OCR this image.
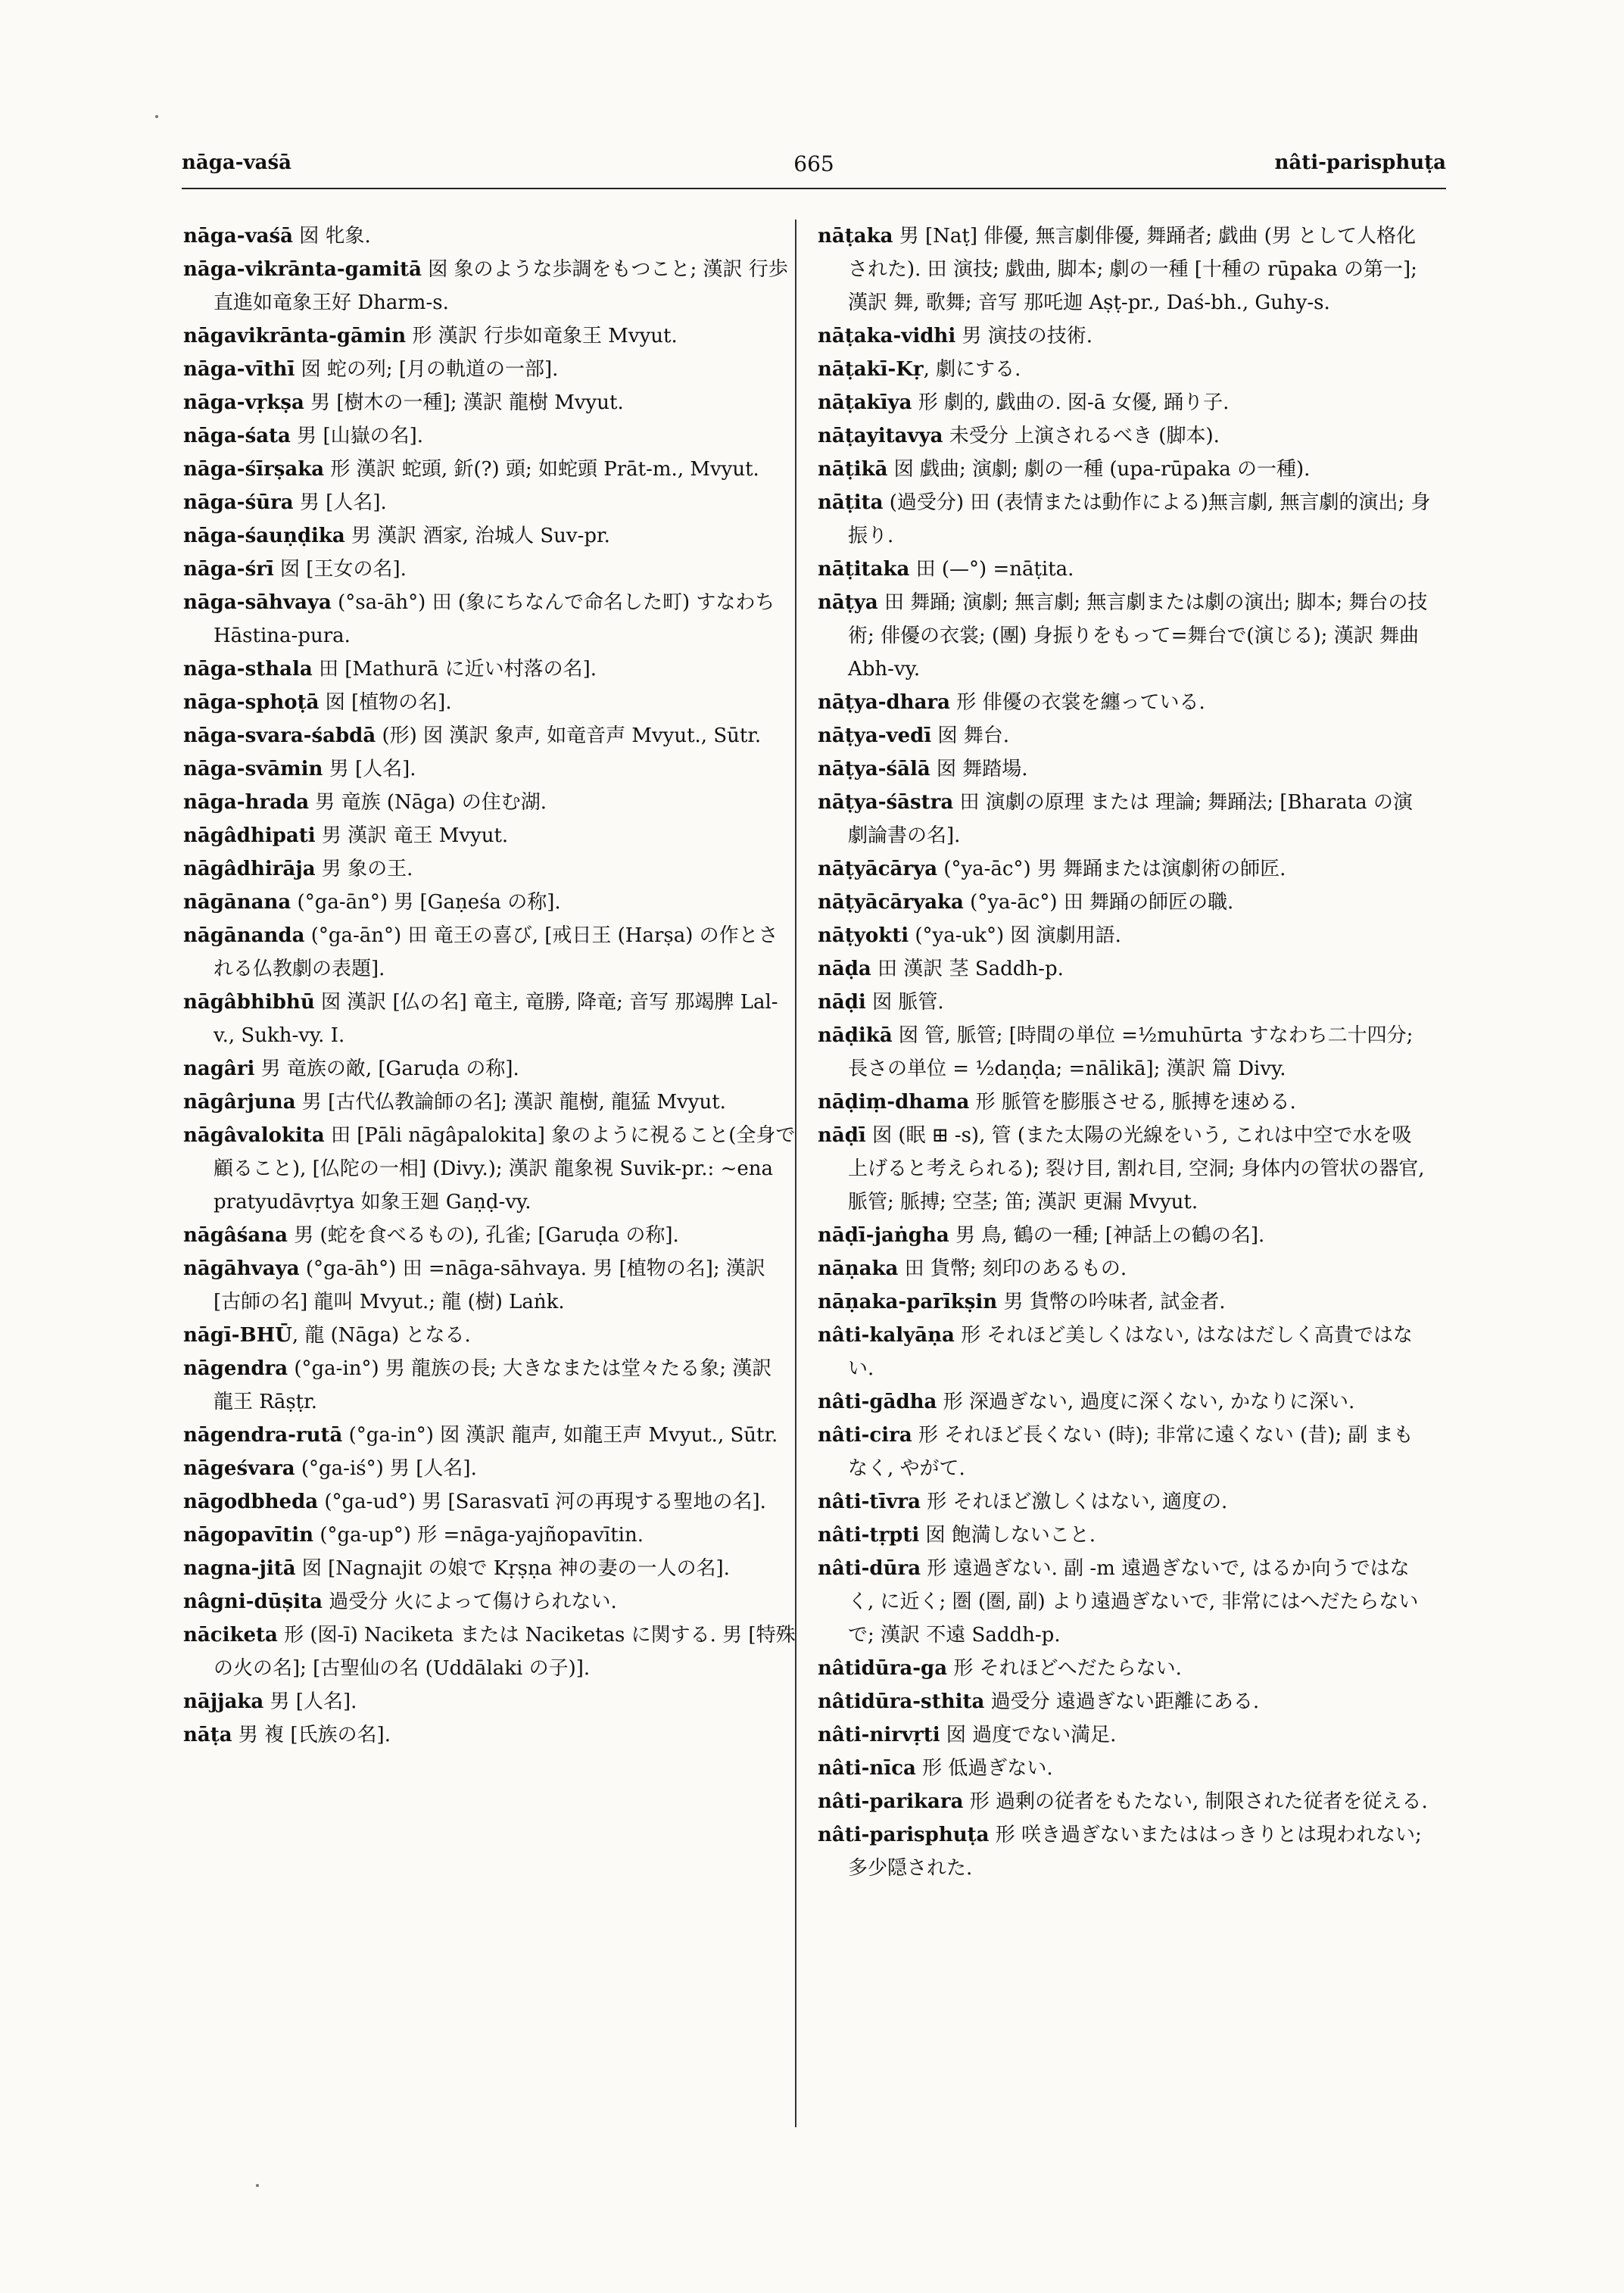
nāga-vaśā	665	nâti-parisphuṭa

nāga-vaśā 囡 牝象.

nāga-vikrānta-gamitā 囡 象のような歩調をもつこと; 漢訳 行歩直進如竜象王好 Dharm-s.

nāgavikrānta-gāmin 形 漢訳 行歩如竜象王 Mvyut.

nāga-vīthī 囡 蛇の列; [月の軌道の一部].

nāga-vṛkṣa 男 [樹木の一種]; 漢訳 龍樹 Mvyut.

nāga-śata 男 [山嶽の名].

nāga-śīrṣaka 形 漢訳 蛇頭, 釿(?) 頭; 如蛇頭 Prāt-m., Mvyut.

nāga-śūra 男 [人名].

nāga-śauṇḍika 男 漢訳 酒家, 治城人 Suv-pr.

nāga-śrī 囡 [王女の名].

nāga-sāhvaya (°sa-āh°) 田 (象にちなんで命名した町) すなわち Hāstina-pura.

nāga-sthala 田 [Mathurā に近い村落の名].

nāga-sphoṭā 囡 [植物の名].

nāga-svara-śabdā (形) 囡 漢訳 象声, 如竜音声 Mvyut., Sūtr.

nāga-svāmin 男 [人名].

nāga-hrada 男 竜族 (Nāga) の住む湖.

nāgâdhipati 男 漢訳 竜王 Mvyut.

nāgâdhirāja 男 象の王.

nāgānana (°ga-ān°) 男 [Gaṇeśa の称].

nāgānanda (°ga-ān°) 田 竜王の喜び, [戒日王 (Harṣa) の作とされる仏教劇の表題].

nāgâbhibhū 囡 漢訳 [仏の名] 竜主, 竜勝, 降竜; 音写 那竭脾 Lal-v., Sukh-vy. I.

nagâri 男 竜族の敵, [Garuḍa の称].

nāgârjuna 男 [古代仏教論師の名]; 漢訳 龍樹, 龍猛 Mvyut.

nāgâvalokita 田 [Pāli nāgâpalokita] 象のように視ること(全身で顧ること), [仏陀の一相] (Divy.); 漢訳 龍象視 Suvik-pr.: ~ena pratyudāvṛtya 如象王廻 Gaṇḍ-vy.

nāgâśana 男 (蛇を食べるもの), 孔雀; [Garuḍa の称].

nāgāhvaya (°ga-āh°) 田 =nāga-sāhvaya. 男 [植物の名]; 漢訳 [古師の名] 龍叫 Mvyut.; 龍 (樹) Laṅk.

nāgī-BHŪ, 龍 (Nāga) となる.

nāgendra (°ga-in°) 男 龍族の長; 大きなまたは堂々たる象; 漢訳 龍王 Rāṣṭr.

nāgendra-rutā (°ga-in°) 囡 漢訳 龍声, 如龍王声 Mvyut., Sūtr.

nāgeśvara (°ga-iś°) 男 [人名].

nāgodbheda (°ga-ud°) 男 [Sarasvatī 河の再現する聖地の名].

nāgopavītin (°ga-up°) 形 =nāga-yajñopavītin.

nagna-jitā 囡 [Nagnajit の娘で Kṛṣṇa 神の妻の一人の名].

nâgni-dūṣita 過受分 火によって傷けられない.

nāciketa 形 (囡-ī) Naciketa または Naciketas に関する. 男 [特殊の火の名]; [古聖仙の名 (Uddālaki の子)].

nājjaka 男 [人名].

nāṭa 男 複 [氏族の名].

nāṭaka 男 [Naṭ] 俳優, 無言劇俳優, 舞踊者; 戯曲 (男 として人格化された). 田 演技; 戯曲, 脚本; 劇の一種 [十種の rūpaka の第一]; 漢訳 舞, 歌舞; 音写 那吒迦 Aṣṭ-pr., Daś-bh., Guhy-s.

nāṭaka-vidhi 男 演技の技術.

nāṭakī-Kṛ, 劇にする.

nāṭakīya 形 劇的, 戯曲の. 囡-ā 女優, 踊り子.

nāṭayitavya 未受分 上演されるべき (脚本).

nāṭikā 囡 戯曲; 演劇; 劇の一種 (upa-rūpaka の一種).

nāṭita (過受分) 田 (表情または動作による)無言劇, 無言劇的演出; 身振り.

nāṭitaka 田 (—°) =nāṭita.

nāṭya 田 舞踊; 演劇; 無言劇; 無言劇または劇の演出; 脚本; 舞台の技術; 俳優の衣裳; (團) 身振りをもって=舞台で(演じる); 漢訳 舞曲 Abh-vy.

nāṭya-dhara 形 俳優の衣裳を纏っている.

nāṭya-vedī 囡 舞台.

nāṭya-śālā 囡 舞踏場.

nāṭya-śāstra 田 演劇の原理 または 理論; 舞踊法; [Bharata の演劇論書の名].

nāṭyācārya (°ya-āc°) 男 舞踊または演劇術の師匠.

nāṭyācāryaka (°ya-āc°) 田 舞踊の師匠の職.

nāṭyokti (°ya-uk°) 囡 演劇用語.

nāḍa 田 漢訳 茎 Saddh-p.

nāḍi 囡 脈管.

nāḍikā 囡 管, 脈管; [時間の単位 =½muhūrta すなわち二十四分; 長さの単位 = ½daṇḍa; =nālikā]; 漢訳 篇 Divy.

nāḍiṃ-dhama 形 脈管を膨脹させる, 脈搏を速める.

nāḍī 囡 (眠 ⊞ -s), 管 (また太陽の光線をいう, これは中空で水を吸上げると考えられる); 裂け目, 割れ目, 空洞; 身体内の管状の器官, 脈管; 脈搏; 空茎; 笛; 漢訳 更漏 Mvyut.

nāḍī-jaṅgha 男 鳥, 鶴の一種; [神話上の鶴の名].

nāṇaka 田 貨幣; 刻印のあるもの.

nāṇaka-parīkṣin 男 貨幣の吟味者, 試金者.

nâti-kalyāṇa 形 それほど美しくはない, はなはだしく高貴ではない.

nâti-gādha 形 深過ぎない, 過度に深くない, かなりに深い.

nâti-cira 形 それほど長くない (時); 非常に遠くない (昔); 副 まもなく, やがて.

nâti-tīvra 形 それほど激しくはない, 適度の.

nâti-tṛpti 囡 飽満しないこと.

nâti-dūra 形 遠過ぎない. 副 -m 遠過ぎないで, はるか向うではなく, に近く; 圏 (圏, 副) より遠過ぎないで, 非常にはへだたらないで; 漢訳 不遠 Saddh-p.

nâtidūra-ga 形 それほどへだたらない.

nâtidūra-sthita 過受分 遠過ぎない距離にある.

nâti-nirvṛti 囡 過度でない満足.

nâti-nīca 形 低過ぎない.

nâti-parikara 形 過剰の従者をもたない, 制限された従者を従える.

nâti-parisphuṭa 形 咲き過ぎないまたははっきりとは現われない; 多少隠された.
